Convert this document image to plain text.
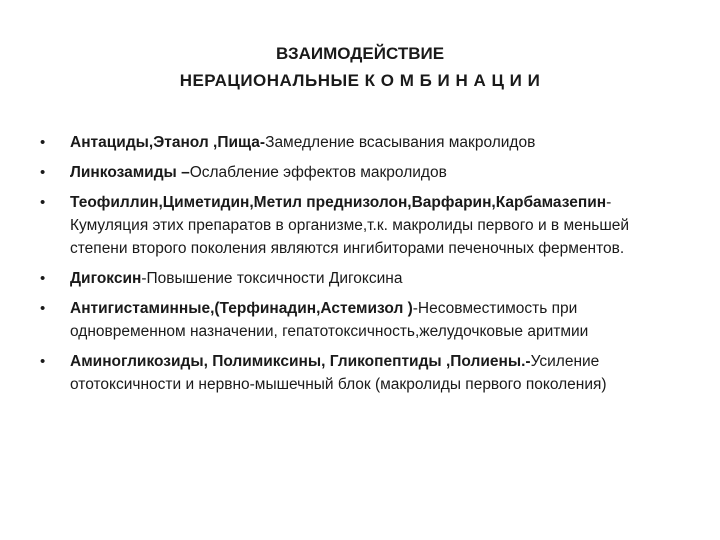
ВЗАИМОДЕЙСТВИЕ
НЕРАЦИОНАЛЬНЫЕ К О М Б И Н А Ц И И
• Антациды,Этанол ,Пища-Замедление всасывания макролидов
• Линкозамиды –Ослабление эффектов макролидов
• Теофиллин,Циметидин,Метил преднизолон,Варфарин,Карбамазепин- Кумуляция этих препаратов в организме,т.к. макролиды первого и в меньшей степени второго поколения являются ингибиторами печеночных ферментов.
• Дигоксин-Повышение токсичности Дигоксина
• Антигистаминные,(Терфинадин,Астемизол )-Несовместимость при одновременном назначении, гепатотоксичность,желудочковые аритмии
• Аминогликозиды, Полимиксины, Гликопептиды ,Полиены.-Усиление ототоксичности и нервно-мышечный блок (макролиды первого поколения)
